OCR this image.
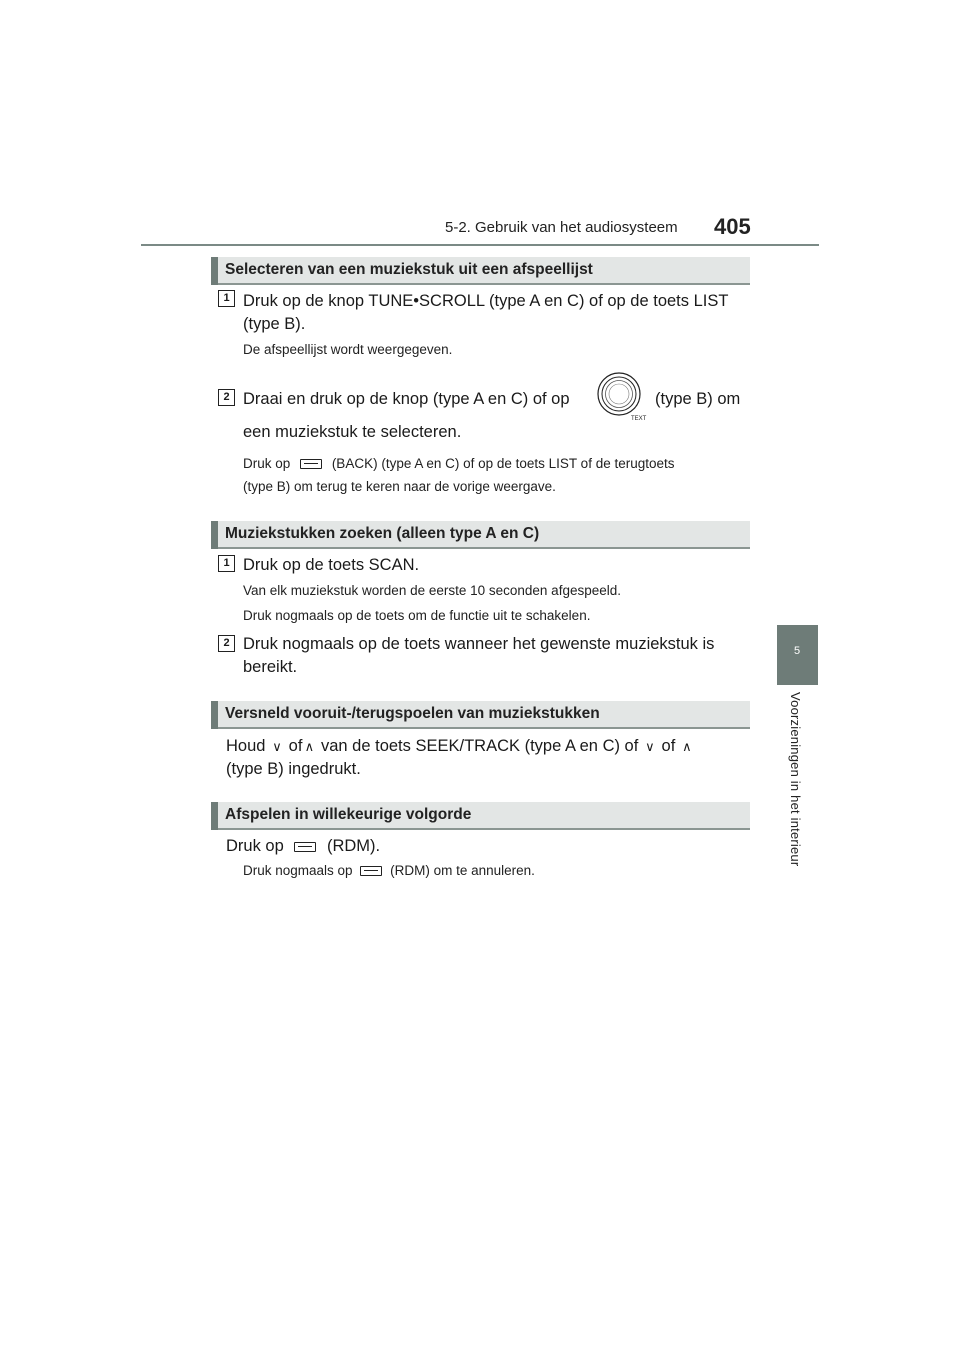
5-2. Gebruik van het audiosysteem 405
5
Voorzieningen in het interieur
Selecteren van een muziekstuk uit een afspeellijst
1 Druk op de knop TUNE•SCROLL (type A en C) of op de toets LIST
(type B).
De afspeellijst wordt weergegeven.
2 Draai en druk op de knop (type A en C) of op
TEXT
(type B) om
een muziekstuk te selecteren.
Druk op	(BACK) (type A en C) of op de toets LIST of de terugtoets
(type B) om terug te keren naar de vorige weergave.
Muziekstukken zoeken (alleen type A en C)
1 Druk op de toets SCAN.
Van elk muziekstuk worden de eerste 10 seconden afgespeeld.
Druk nogmaals op de toets om de functie uit te schakelen.
2 Druk nogmaals op de toets wanneer het gewenste muziekstuk is
bereikt.
Versneld vooruit-/terugspoelen van muziekstukken
Houd ∨ of ∧ van de toets SEEK/TRACK (type A en C) of ∨ of ∧
(type B) ingedrukt.
Afspelen in willekeurige volgorde
Druk op	(RDM).
Druk nogmaals op	(RDM) om te annuleren.
